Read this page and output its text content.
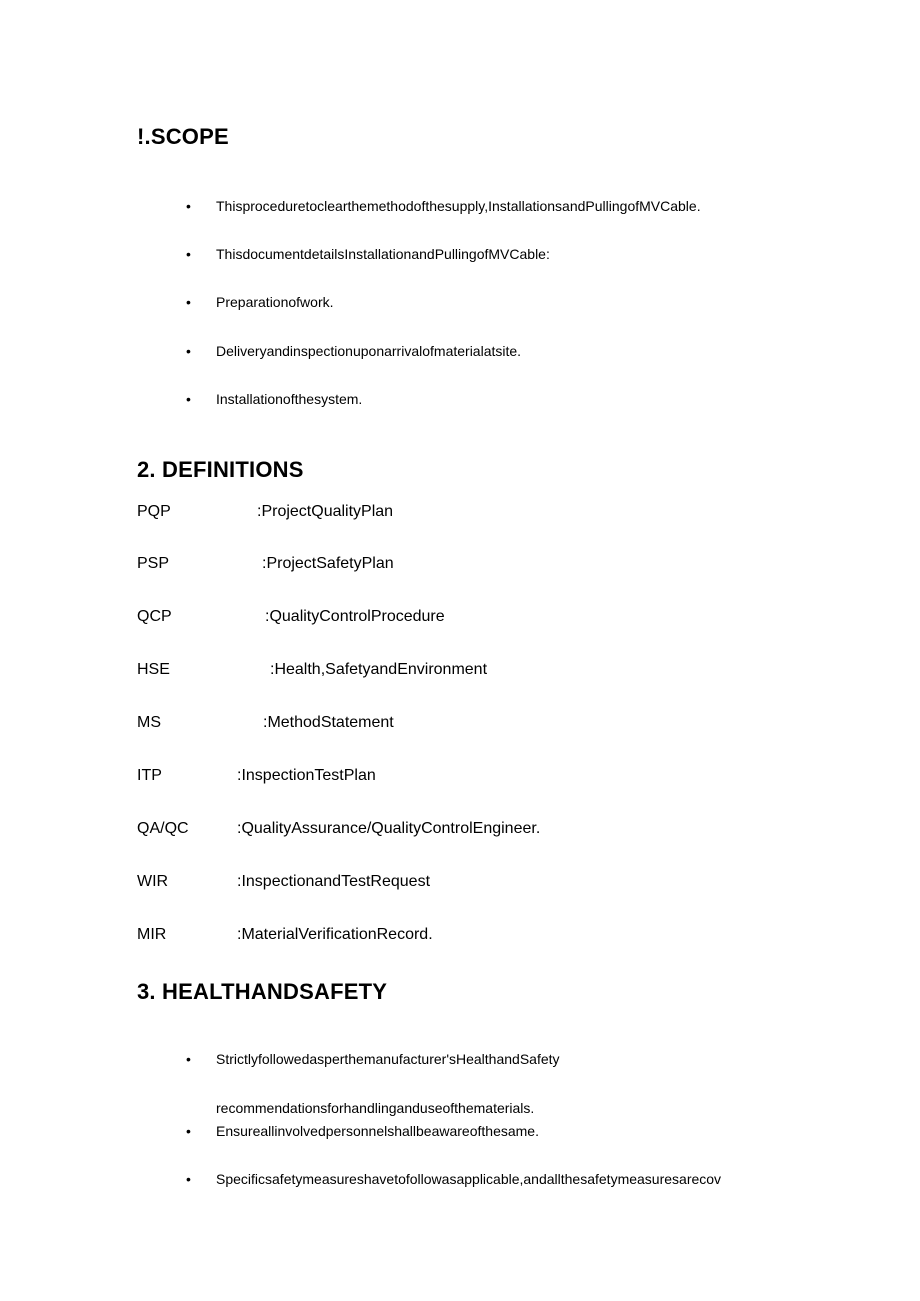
!.SCOPE
• Thisproceduretoclearthemethodofthesupply,InstallationsandPullingofMVCable.
• ThisdocumentdetailsInstallationandPullingofMVCable:
• Preparationofwork.
• Deliveryandinspectionuponarrivalofmaterialatsite.
• Installationofthesystem.
2. DEFINITIONS
PQP	:ProjectQualityPlan
PSP	:ProjectSafetyPlan
QCP	:QualityControlProcedure
HSE	:Health,SafetyandEnvironment
MS	:MethodStatement
ITP	:InspectionTestPlan
QA/QC	:QualityAssurance/QualityControlEngineer.
WIR	:InspectionandTestRequest
MIR	:MaterialVerificationRecord.
3. HEALTHANDSAFETY
• Strictlyfollowedasperthemanufacturer'sHealthandSafety
recommendationsforhandlinganduseofthematerials.
• Ensureallinvolvedpersonnelshallbeawareofthesame.
• Specificsafetymeasureshavetofollowasapplicable,andallthesafetymeasuresarecov
